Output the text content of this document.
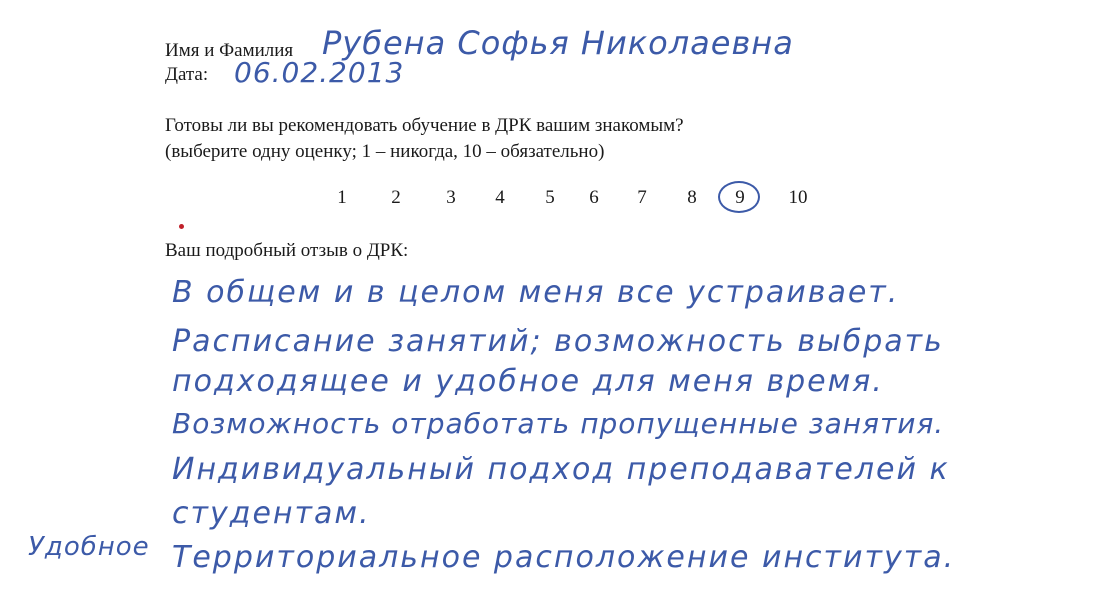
Имя и Фамилия Рубена Софья Николаевна
Дата: 06.02.2013
Готовы ли вы рекомендовать обучение в ДРК вашим знакомым?
(выберите одну оценку; 1 – никогда, 10 – обязательно)
1	2	3	4	5	6	7	8	9	10
Ваш подробный отзыв о ДРК:
В общем и в целом меня все устраивает.
Расписание занятий; возможность выбрать
подходящее и удобное для меня время.
Возможность отработать пропущенные занятия.
Индивидуальный подход преподавателей к
студентам.
Территориальное расположение института.
Удобное
